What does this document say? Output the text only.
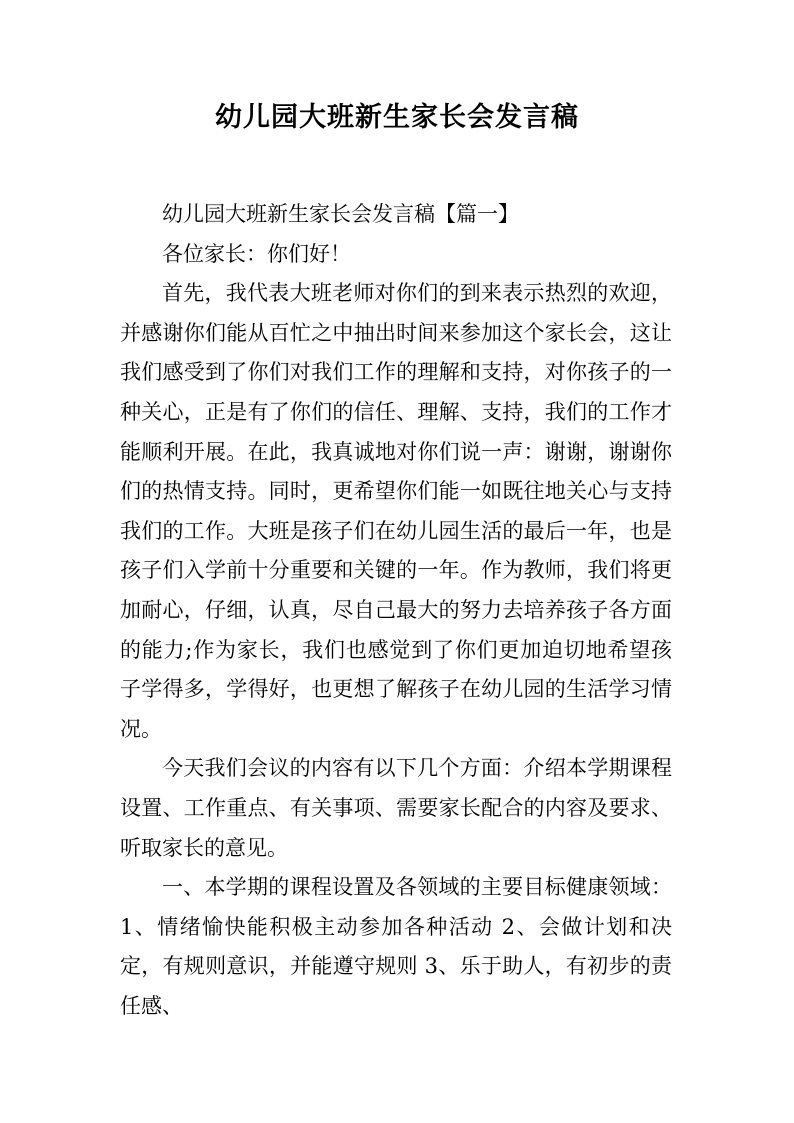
幼儿园大班新生家长会发言稿

幼儿园大班新生家长会发言稿【篇一】

各位家长：你们好！

首先，我代表大班老师对你们的到来表示热烈的欢迎，并感谢你们能从百忙之中抽出时间来参加这个家长会，这让我们感受到了你们对我们工作的理解和支持，对你孩子的一种关心，正是有了你们的信任、理解、支持，我们的工作才能顺利开展。在此，我真诚地对你们说一声：谢谢，谢谢你们的热情支持。同时，更希望你们能一如既往地关心与支持我们的工作。大班是孩子们在幼儿园生活的最后一年，也是孩子们入学前十分重要和关键的一年。作为教师，我们将更加耐心，仔细，认真，尽自己最大的努力去培养孩子各方面的能力;作为家长，我们也感觉到了你们更加迫切地希望孩子学得多，学得好，也更想了解孩子在幼儿园的生活学习情况。

今天我们会议的内容有以下几个方面：介绍本学期课程设置、工作重点、有关事项、需要家长配合的内容及要求、听取家长的意见。

一、本学期的课程设置及各领域的主要目标健康领域：1、情绪愉快能积极主动参加各种活动 2、会做计划和决定，有规则意识，并能遵守规则 3、乐于助人，有初步的责任感、
